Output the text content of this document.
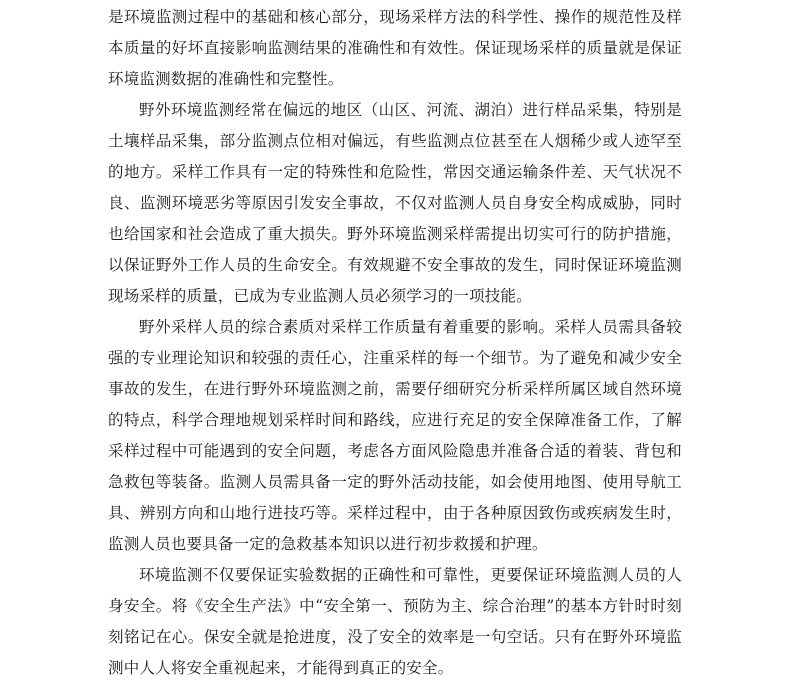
是环境监测过程中的基础和核心部分，现场采样方法的科学性、操作的规范性及样本质量的好坏直接影响监测结果的准确性和有效性。保证现场采样的质量就是保证环境监测数据的准确性和完整性。

野外环境监测经常在偏远的地区（山区、河流、湖泊）进行样品采集，特别是土壤样品采集，部分监测点位相对偏远，有些监测点位甚至在人烟稀少或人迹罕至的地方。采样工作具有一定的特殊性和危险性，常因交通运输条件差、天气状况不良、监测环境恶劣等原因引发安全事故，不仅对监测人员自身安全构成威胁，同时也给国家和社会造成了重大损失。野外环境监测采样需提出切实可行的防护措施，以保证野外工作人员的生命安全。有效规避不安全事故的发生，同时保证环境监测现场采样的质量，已成为专业监测人员必须学习的一项技能。

野外采样人员的综合素质对采样工作质量有着重要的影响。采样人员需具备较强的专业理论知识和较强的责任心，注重采样的每一个细节。为了避免和减少安全事故的发生，在进行野外环境监测之前，需要仔细研究分析采样所属区域自然环境的特点，科学合理地规划采样时间和路线，应进行充足的安全保障准备工作，了解采样过程中可能遇到的安全问题，考虑各方面风险隐患并准备合适的着装、背包和急救包等装备。监测人员需具备一定的野外活动技能，如会使用地图、使用导航工具、辨别方向和山地行进技巧等。采样过程中，由于各种原因致伤或疾病发生时，监测人员也要具备一定的急救基本知识以进行初步救援和护理。

环境监测不仅要保证实验数据的正确性和可靠性，更要保证环境监测人员的人身安全。将《安全生产法》中“安全第一、预防为主、综合治理”的基本方针时时刻刻铭记在心。保安全就是抢进度，没了安全的效率是一句空话。只有在野外环境监测中人人将安全重视起来，才能得到真正的安全。
